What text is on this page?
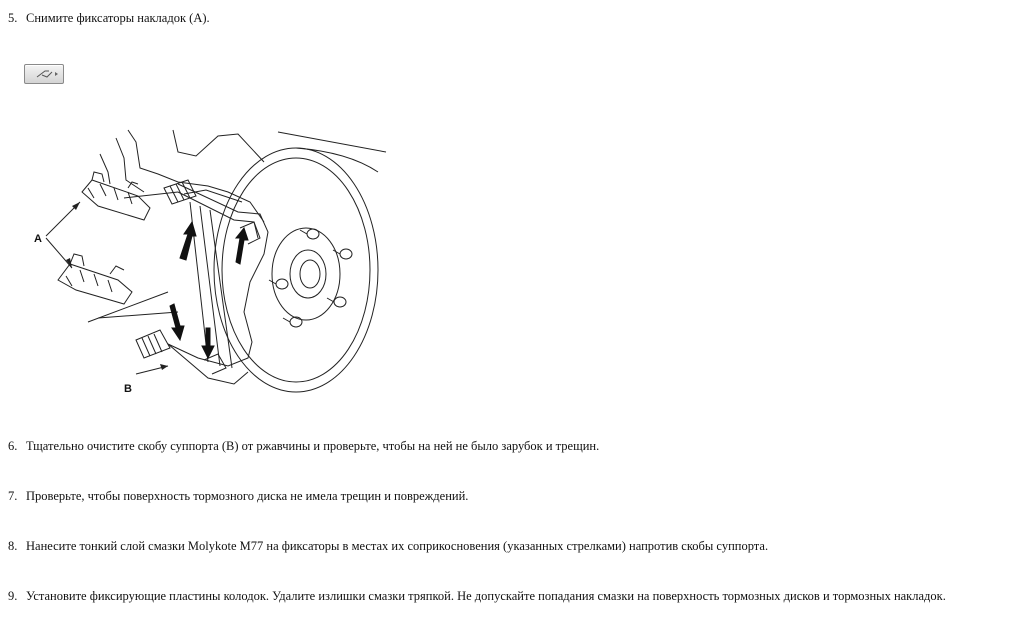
5. Снимите фиксаторы накладок (A).
A
B
6. Тщательно очистите скобу суппорта (B) от ржавчины и проверьте, чтобы на ней не было зарубок и трещин.
7. Проверьте, чтобы поверхность тормозного диска не имела трещин и повреждений.
8. Нанесите тонкий слой смазки Molykote M77 на фиксаторы в местах их соприкосновения (указанных стрелками) напротив скобы суппорта.
9. Установите фиксирующие пластины колодок. Удалите излишки смазки тряпкой. Не допускайте попадания смазки на поверхность тормозных дисков и тормозных накладок.
